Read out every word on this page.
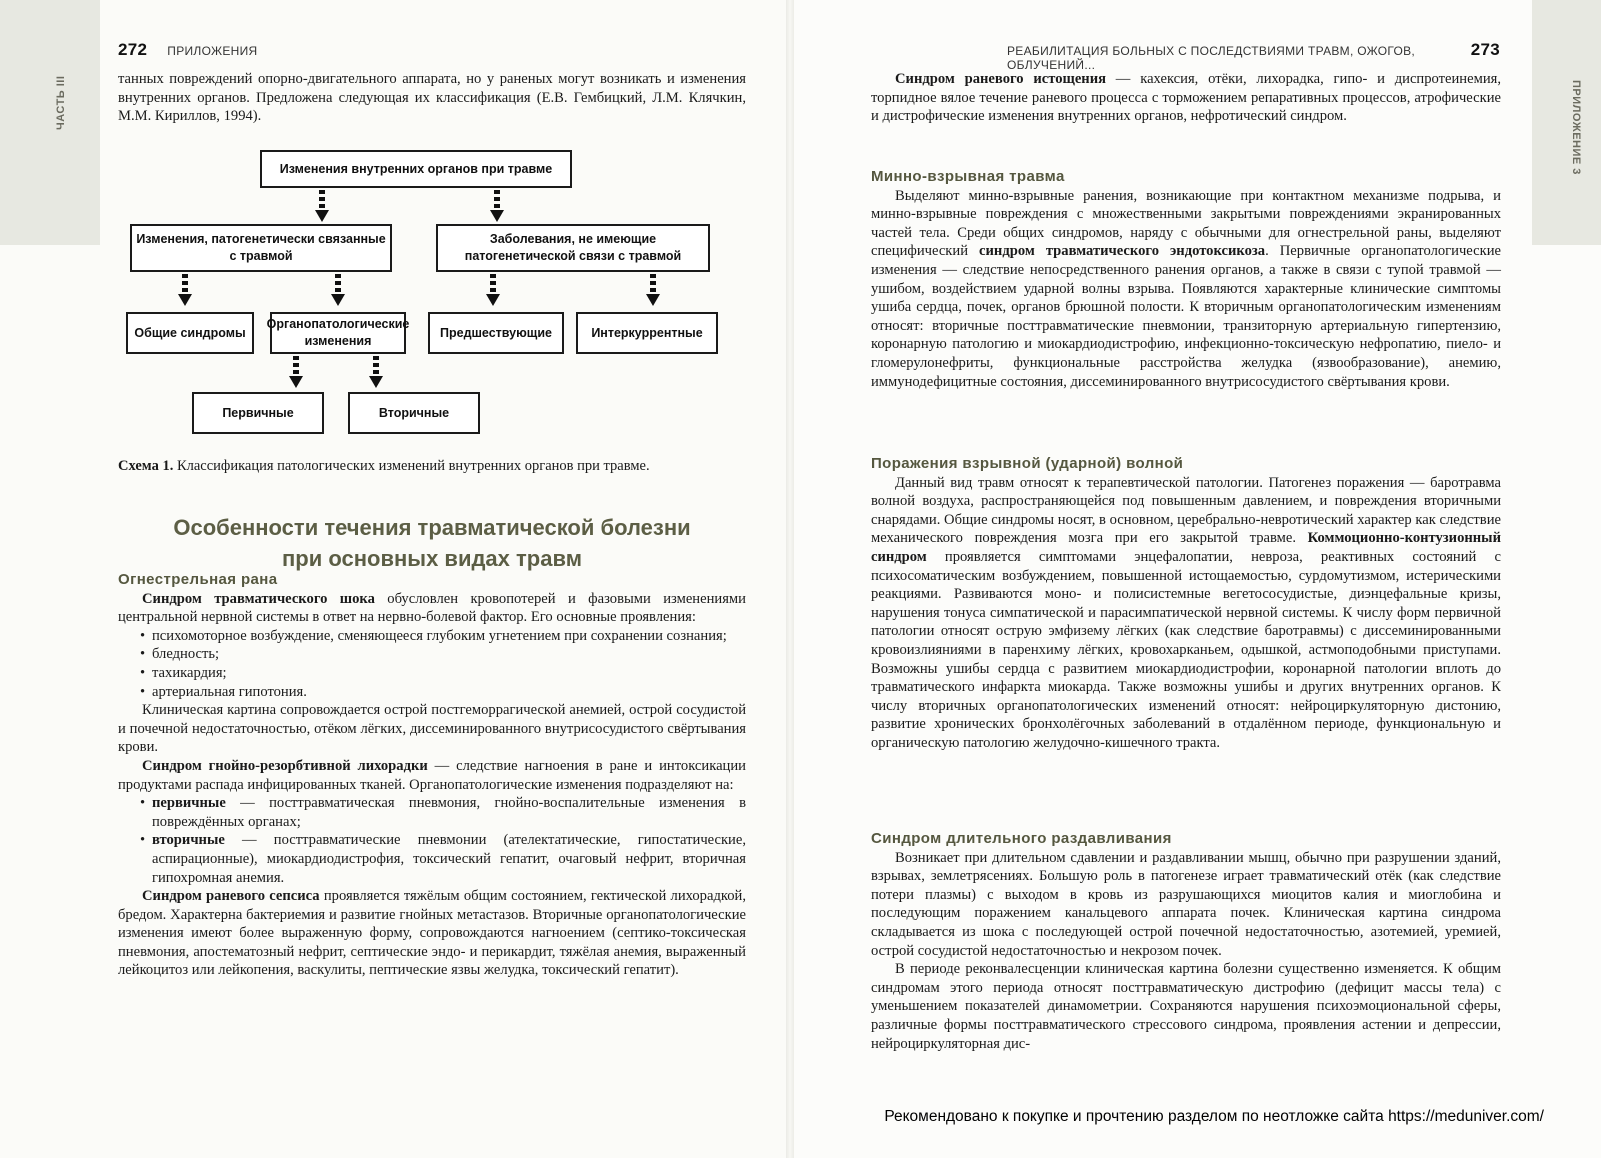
ЧАСТЬ III	ПРИЛОЖЕНИЕ 3
272 ПРИЛОЖЕНИЯ	РЕАБИЛИТАЦИЯ БОЛЬНЫХ С ПОСЛЕДСТВИЯМИ ТРАВМ, ОЖОГОВ, ОБЛУЧЕНИЙ...
273

танных повреждений опорно-двигательного аппарата, но у раненых могут возникать и изменения внутренних органов. Предложена следующая их классификация (Е.В. Гембицкий, Л.М. Клячкин, М.М. Кириллов, 1994).

Изменения внутренних органов при травме
Изменения, патогенетически связанные с травмой
Заболевания, не имеющие патогенетической связи с травмой
Общие синдромы
Органопатологические изменения
Предшествующие	Интеркуррентные
Первичные	Вторичные
Схема 1. Классификация патологических изменений внутренних органов при травме.
Особенности течения травматической болезни
при основных видах травм
Огнестрельная рана

Синдром травматического шока обусловлен кровопотерей и фазовыми изменениями центральной нервной системы в ответ на нервно-болевой фактор. Его основные проявления:

• психомоторное возбуждение, сменяющееся глубоким угнетением при сохранении сознания;
• бледность;
• тахикардия;
• артериальная гипотония.

Клиническая картина сопровождается острой постгеморрагической анемией, острой сосудистой и почечной недостаточностью, отёком лёгких, диссеминированного внутрисосудистого свёртывания крови.

Синдром гнойно-резорбтивной лихорадки — следствие нагноения в ране и интоксикации продуктами распада инфицированных тканей. Органопатологические изменения подразделяют на:

• первичные — посттравматическая пневмония, гнойно-воспалительные изменения в повреждённых органах;
• вторичные — посттравматические пневмонии (ателектатические, гипостатические, аспирационные), миокардиодистрофия, токсический гепатит, очаговый нефрит, вторичная гипохромная анемия.

Синдром раневого сепсиса проявляется тяжёлым общим состоянием, гектической лихорадкой, бредом. Характерна бактериемия и развитие гнойных метастазов. Вторичные органопатологические изменения имеют более выраженную форму, сопровождаются нагноением (септико-токсическая пневмония, апостематозный нефрит, септические эндо- и перикардит, тяжёлая анемия, выраженный лейкоцитоз или лейкопения, васкулиты, пептические язвы желудка, токсический гепатит).

Синдром раневого истощения — кахексия, отёки, лихорадка, гипо- и диспротеинемия, торпидное вялое течение раневого процесса с торможением репаративных процессов, атрофические и дистрофические изменения внутренних органов, нефротический синдром.

Минно-взрывная травма

Выделяют минно-взрывные ранения, возникающие при контактном механизме подрыва, и минно-взрывные повреждения с множественными закрытыми повреждениями экранированных частей тела. Среди общих синдромов, наряду с обычными для огнестрельной раны, выделяют специфический синдром травматического эндотоксикоза. Первичные органопатологические изменения — следствие непосредственного ранения органов, а также в связи с тупой травмой — ушибом, воздействием ударной волны взрыва. Появляются характерные клинические симптомы ушиба сердца, почек, органов брюшной полости. К вторичным органопатологическим изменениям относят: вторичные посттравматические пневмонии, транзиторную артериальную гипертензию, коронарную патологию и миокардиодистрофию, инфекционно-токсическую нефропатию, пиело- и гломерулонефриты, функциональные расстройства желудка (язвообразование), анемию, иммунодефицитные состояния, диссеминированного внутрисосудистого свёртывания крови.

Поражения взрывной (ударной) волной

Данный вид травм относят к терапевтической патологии. Патогенез поражения — баротравма волной воздуха, распространяющейся под повышенным давлением, и повреждения вторичными снарядами. Общие синдромы носят, в основном, церебрально-невротический характер как следствие механического повреждения мозга при его закрытой травме. Коммоционно-контузионный синдром проявляется симптомами энцефалопатии, невроза, реактивных состояний с психосоматическим возбуждением, повышенной истощаемостью, сурдомутизмом, истерическими реакциями. Развиваются моно- и полисистемные вегетососудистые, диэнцефальные кризы, нарушения тонуса симпатической и парасимпатической нервной системы. К числу форм первичной патологии относят острую эмфизему лёгких (как следствие баротравмы) с диссеминированными кровоизлияниями в паренхиму лёгких, кровохарканьем, одышкой, астмоподобными приступами. Возможны ушибы сердца с развитием миокардиодистрофии, коронарной патологии вплоть до травматического инфаркта миокарда. Также возможны ушибы и других внутренних органов. К числу вторичных органопатологических изменений относят: нейроциркуляторную дистонию, развитие хронических бронхолёгочных заболеваний в отдалённом периоде, функциональную и органическую патологию желудочно-кишечного тракта.

Синдром длительного раздавливания

Возникает при длительном сдавлении и раздавливании мышц, обычно при разрушении зданий, взрывах, землетрясениях. Большую роль в патогенезе играет травматический отёк (как следствие потери плазмы) с выходом в кровь из разрушающихся миоцитов калия и миоглобина и последующим поражением канальцевого аппарата почек. Клиническая картина синдрома складывается из шока с последующей острой почечной недостаточностью, азотемией, уремией, острой сосудистой недостаточностью и некрозом почек.

В периоде реконвалесценции клиническая картина болезни существенно изменяется. К общим синдромам этого периода относят посттравматическую дистрофию (дефицит массы тела) с уменьшением показателей динамометрии. Сохраняются нарушения психоэмоциональной сферы, различные формы посттравматического стрессового синдрома, проявления астении и депрессии, нейроциркуляторная дис-

Рекомендовано к покупке и прочтению разделом по неотложке сайта https://meduniver.com/
